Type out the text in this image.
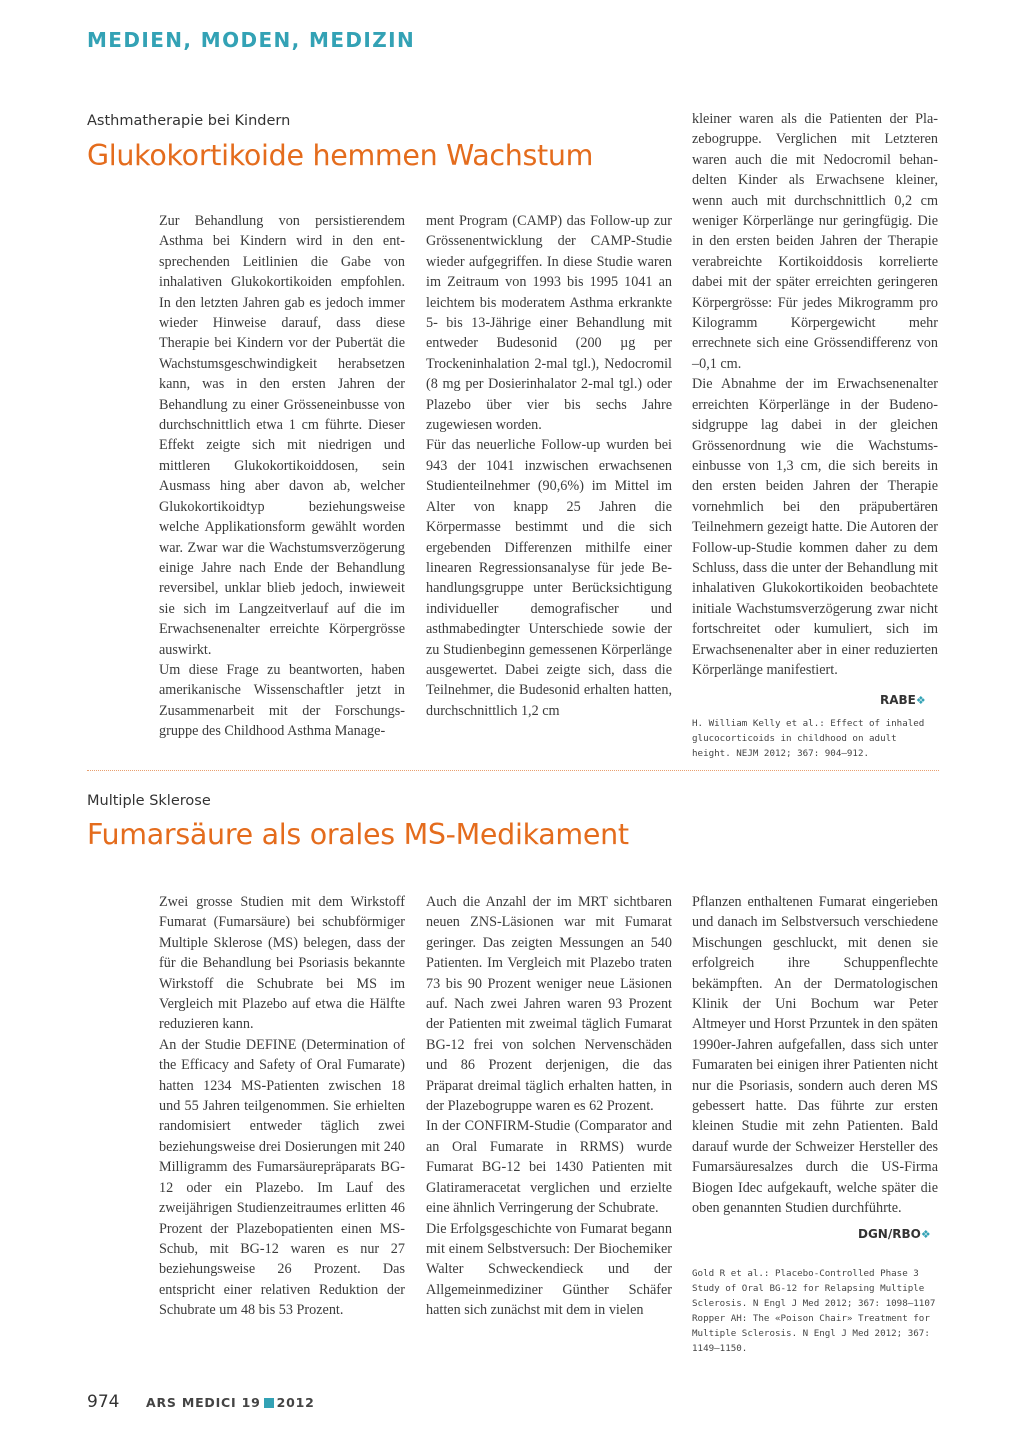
MEDIEN, MODEN, MEDIZIN
Asthmatherapie bei Kindern
Glukokortikoide hemmen Wachstum

Zur Behandlung von persistierendem Asthma bei Kindern wird in den entsprechenden Leitlinien die Gabe von inhalativen Glukokortikoiden empfohlen. In den letzten Jahren gab es jedoch immer wieder Hinweise darauf, dass diese Therapie bei Kindern vor der Pubertät die Wachstumsgeschwindigkeit herabsetzen kann, was in den ersten Jahren der Behandlung zu einer Grösseneinbusse von durchschnittlich etwa 1 cm führte. Dieser Effekt zeigte sich mit niedrigen und mittleren Glukokortikoiddosen, sein Ausmass hing aber davon ab, welcher Glukokortikoidtyp beziehungsweise welche Applikationsform gewählt worden war. Zwar war die Wachstumsverzögerung einige Jahre nach Ende der Behandlung reversibel, unklar blieb jedoch, inwieweit sie sich im Langzeitverlauf auf die im Erwachsenenalter erreichte Körpergrösse auswirkt.

Um diese Frage zu beantworten, haben amerikanische Wissenschaftler jetzt in Zusammenarbeit mit der Forschungsgruppe des Childhood Asthma Manage-

ment Program (CAMP) das Follow-up zur Grössenentwicklung der CAMP-Studie wieder aufgegriffen. In diese Studie waren im Zeitraum von 1993 bis 1995 1041 an leichtem bis moderatem Asthma erkrankte 5- bis 13-Jährige einer Behandlung mit entweder Budesonid (200 µg per Trockeninhalation 2-mal tgl.), Nedocromil (8 mg per Dosierinhalator 2-mal tgl.) oder Plazebo über vier bis sechs Jahre zugewiesen worden.

Für das neuerliche Follow-up wurden bei 943 der 1041 inzwischen erwachsenen Studienteilnehmer (90,6%) im Mittel im Alter von knapp 25 Jahren die Körpermasse bestimmt und die sich ergebenden Differenzen mithilfe einer linearen Regressionsanalyse für jede Behandlungsgruppe unter Berücksichtigung individueller demografischer und asthmabedingter Unterschiede sowie der zu Studienbeginn gemessenen Körperlänge ausgewertet. Dabei zeigte sich, dass die Teilnehmer, die Budesonid erhalten hatten, durchschnittlich 1,2 cm

kleiner waren als die Patienten der Plazebogruppe. Verglichen mit Letzteren waren auch die mit Nedocromil behandelten Kinder als Erwachsene kleiner, wenn auch mit durchschnittlich 0,2 cm weniger Körperlänge nur geringfügig. Die in den ersten beiden Jahren der Therapie verabreichte Kortikoiddosis korrelierte dabei mit der später erreichten geringeren Körpergrösse: Für jedes Mikrogramm pro Kilogramm Körpergewicht mehr errechnete sich eine Grössendifferenz von –0,1 cm.

Die Abnahme der im Erwachsenenalter erreichten Körperlänge in der Budenosidgruppe lag dabei in der gleichen Grössenordnung wie die Wachstumseinbusse von 1,3 cm, die sich bereits in den ersten beiden Jahren der Therapie vornehmlich bei den präpubertären Teilnehmern gezeigt hatte. Die Autoren der Follow-up-Studie kommen daher zu dem Schluss, dass die unter der Behandlung mit inhalativen Glukokortikoiden beobachtete initiale Wachstumsverzögerung zwar nicht fortschreitet oder kumuliert, sich im Erwachsenenalter aber in einer reduzierten Körperlänge manifestiert.

RABE❖

H. William Kelly et al.: Effect of inhaled glucocorticoids in childhood on adult height. NEJM 2012; 367: 904–912.

Multiple Sklerose
Fumarsäure als orales MS-Medikament

Zwei grosse Studien mit dem Wirkstoff Fumarat (Fumarsäure) bei schubförmiger Multiple Sklerose (MS) belegen, dass der für die Behandlung bei Psoriasis bekannte Wirkstoff die Schubrate bei MS im Vergleich mit Plazebo auf etwa die Hälfte reduzieren kann.

An der Studie DEFINE (Determination of the Efficacy and Safety of Oral Fumarate) hatten 1234 MS-Patienten zwischen 18 und 55 Jahren teilgenommen. Sie erhielten randomisiert entweder täglich zwei beziehungsweise drei Dosierungen mit 240 Milligramm des Fumarsäurepräparats BG-12 oder ein Plazebo. Im Lauf des zweijährigen Studienzeitraumes erlitten 46 Prozent der Plazebopatienten einen MS-Schub, mit BG-12 waren es nur 27 beziehungsweise 26 Prozent. Das entspricht einer relativen Reduktion der Schubrate um 48 bis 53 Prozent.

Auch die Anzahl der im MRT sichtbaren neuen ZNS-Läsionen war mit Fumarat geringer. Das zeigten Messungen an 540 Patienten. Im Vergleich mit Plazebo traten 73 bis 90 Prozent weniger neue Läsionen auf. Nach zwei Jahren waren 93 Prozent der Patienten mit zweimal täglich Fumarat BG-12 frei von solchen Nervenschäden und 86 Prozent derjenigen, die das Präparat dreimal täglich erhalten hatten, in der Plazebogruppe waren es 62 Prozent.

In der CONFIRM-Studie (Comparator and an Oral Fumarate in RRMS) wurde Fumarat BG-12 bei 1430 Patienten mit Glatirameracetat verglichen und erzielte eine ähnlich Verringerung der Schubrate.

Die Erfolgsgeschichte von Fumarat begann mit einem Selbstversuch: Der Biochemiker Walter Schweckendieck und der Allgemeinmediziner Günther Schäfer hatten sich zunächst mit dem in vielen

Pflanzen enthaltenen Fumarat eingerieben und danach im Selbstversuch verschiedene Mischungen geschluckt, mit denen sie erfolgreich ihre Schuppenflechte bekämpften. An der Dermatologischen Klinik der Uni Bochum war Peter Altmeyer und Horst Przuntek in den späten 1990er-Jahren aufgefallen, dass sich unter Fumaraten bei einigen ihrer Patienten nicht nur die Psoriasis, sondern auch deren MS gebessert hatte. Das führte zur ersten kleinen Studie mit zehn Patienten. Bald darauf wurde der Schweizer Hersteller des Fumarsäuresalzes durch die US-Firma Biogen Idec aufgekauft, welche später die oben genannten Studien durchführte.

DGN/RBO❖

Gold R et al.: Placebo-Controlled Phase 3 Study of Oral BG-12 for Relapsing Multiple Sclerosis. N Engl J Med 2012; 367: 1098–1107

Ropper AH: The «Poison Chair» Treatment for Multiple Sclerosis. N Engl J Med 2012; 367: 1149–1150.

974 ARS MEDICI 19 2012
